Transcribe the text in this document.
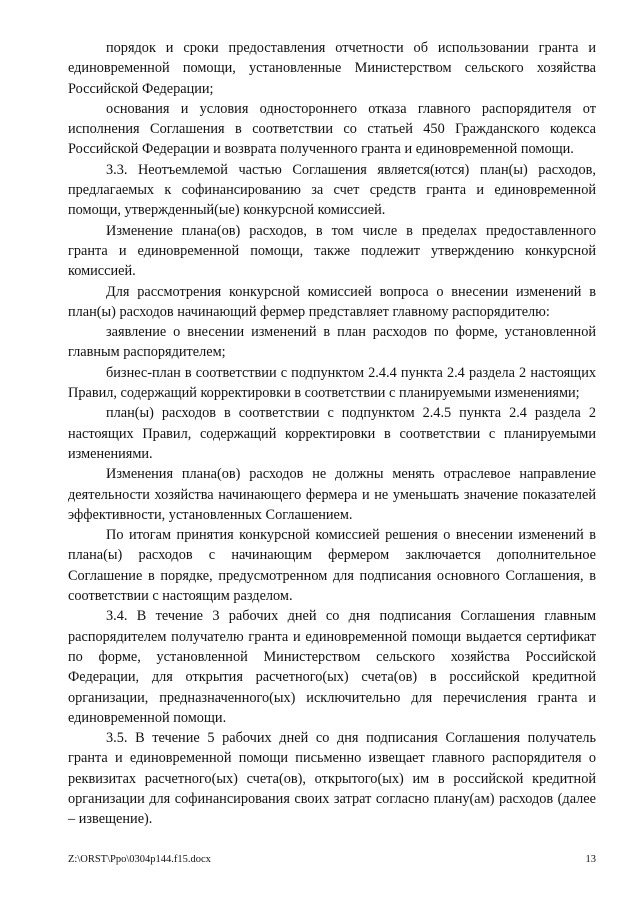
порядок и сроки предоставления отчетности об использовании гранта и единовременной помощи, установленные Министерством сельского хозяйства Российской Федерации;

основания и условия одностороннего отказа главного распорядителя от исполнения Соглашения в соответствии со статьей 450 Гражданского кодекса Российской Федерации и возврата полученного гранта и единовременной помощи.

3.3. Неотъемлемой частью Соглашения является(ются) план(ы) расходов, предлагаемых к софинансированию за счет средств гранта и единовременной помощи, утвержденный(ые) конкурсной комиссией.

Изменение плана(ов) расходов, в том числе в пределах предоставленного гранта и единовременной помощи, также подлежит утверждению конкурсной комиссией.

Для рассмотрения конкурсной комиссией вопроса о внесении изменений в план(ы) расходов начинающий фермер представляет главному распорядителю:

заявление о внесении изменений в план расходов по форме, установленной главным распорядителем;

бизнес-план в соответствии с подпунктом 2.4.4 пункта 2.4 раздела 2 настоящих Правил, содержащий корректировки в соответствии с планируемыми изменениями;

план(ы) расходов в соответствии с подпунктом 2.4.5 пункта 2.4 раздела 2 настоящих Правил, содержащий корректировки в соответствии с планируемыми изменениями.

Изменения плана(ов) расходов не должны менять отраслевое направление деятельности хозяйства начинающего фермера и не уменьшать значение показателей эффективности, установленных Соглашением.

По итогам принятия конкурсной комиссией решения о внесении изменений в плана(ы) расходов с начинающим фермером заключается дополнительное Соглашение в порядке, предусмотренном для подписания основного Соглашения, в соответствии с настоящим разделом.

3.4. В течение 3 рабочих дней со дня подписания Соглашения главным распорядителем получателю гранта и единовременной помощи выдается сертификат по форме, установленной Министерством сельского хозяйства Российской Федерации, для открытия расчетного(ых) счета(ов) в российской кредитной организации, предназначенного(ых) исключительно для перечисления гранта и единовременной помощи.

3.5. В течение 5 рабочих дней со дня подписания Соглашения получатель гранта и единовременной помощи письменно извещает главного распорядителя о реквизитах расчетного(ых) счета(ов), открытого(ых) им в российской кредитной организации для софинансирования своих затрат согласно плану(ам) расходов (далее – извещение).

Z:\ORST\Ppo\0304p144.f15.docx	13
